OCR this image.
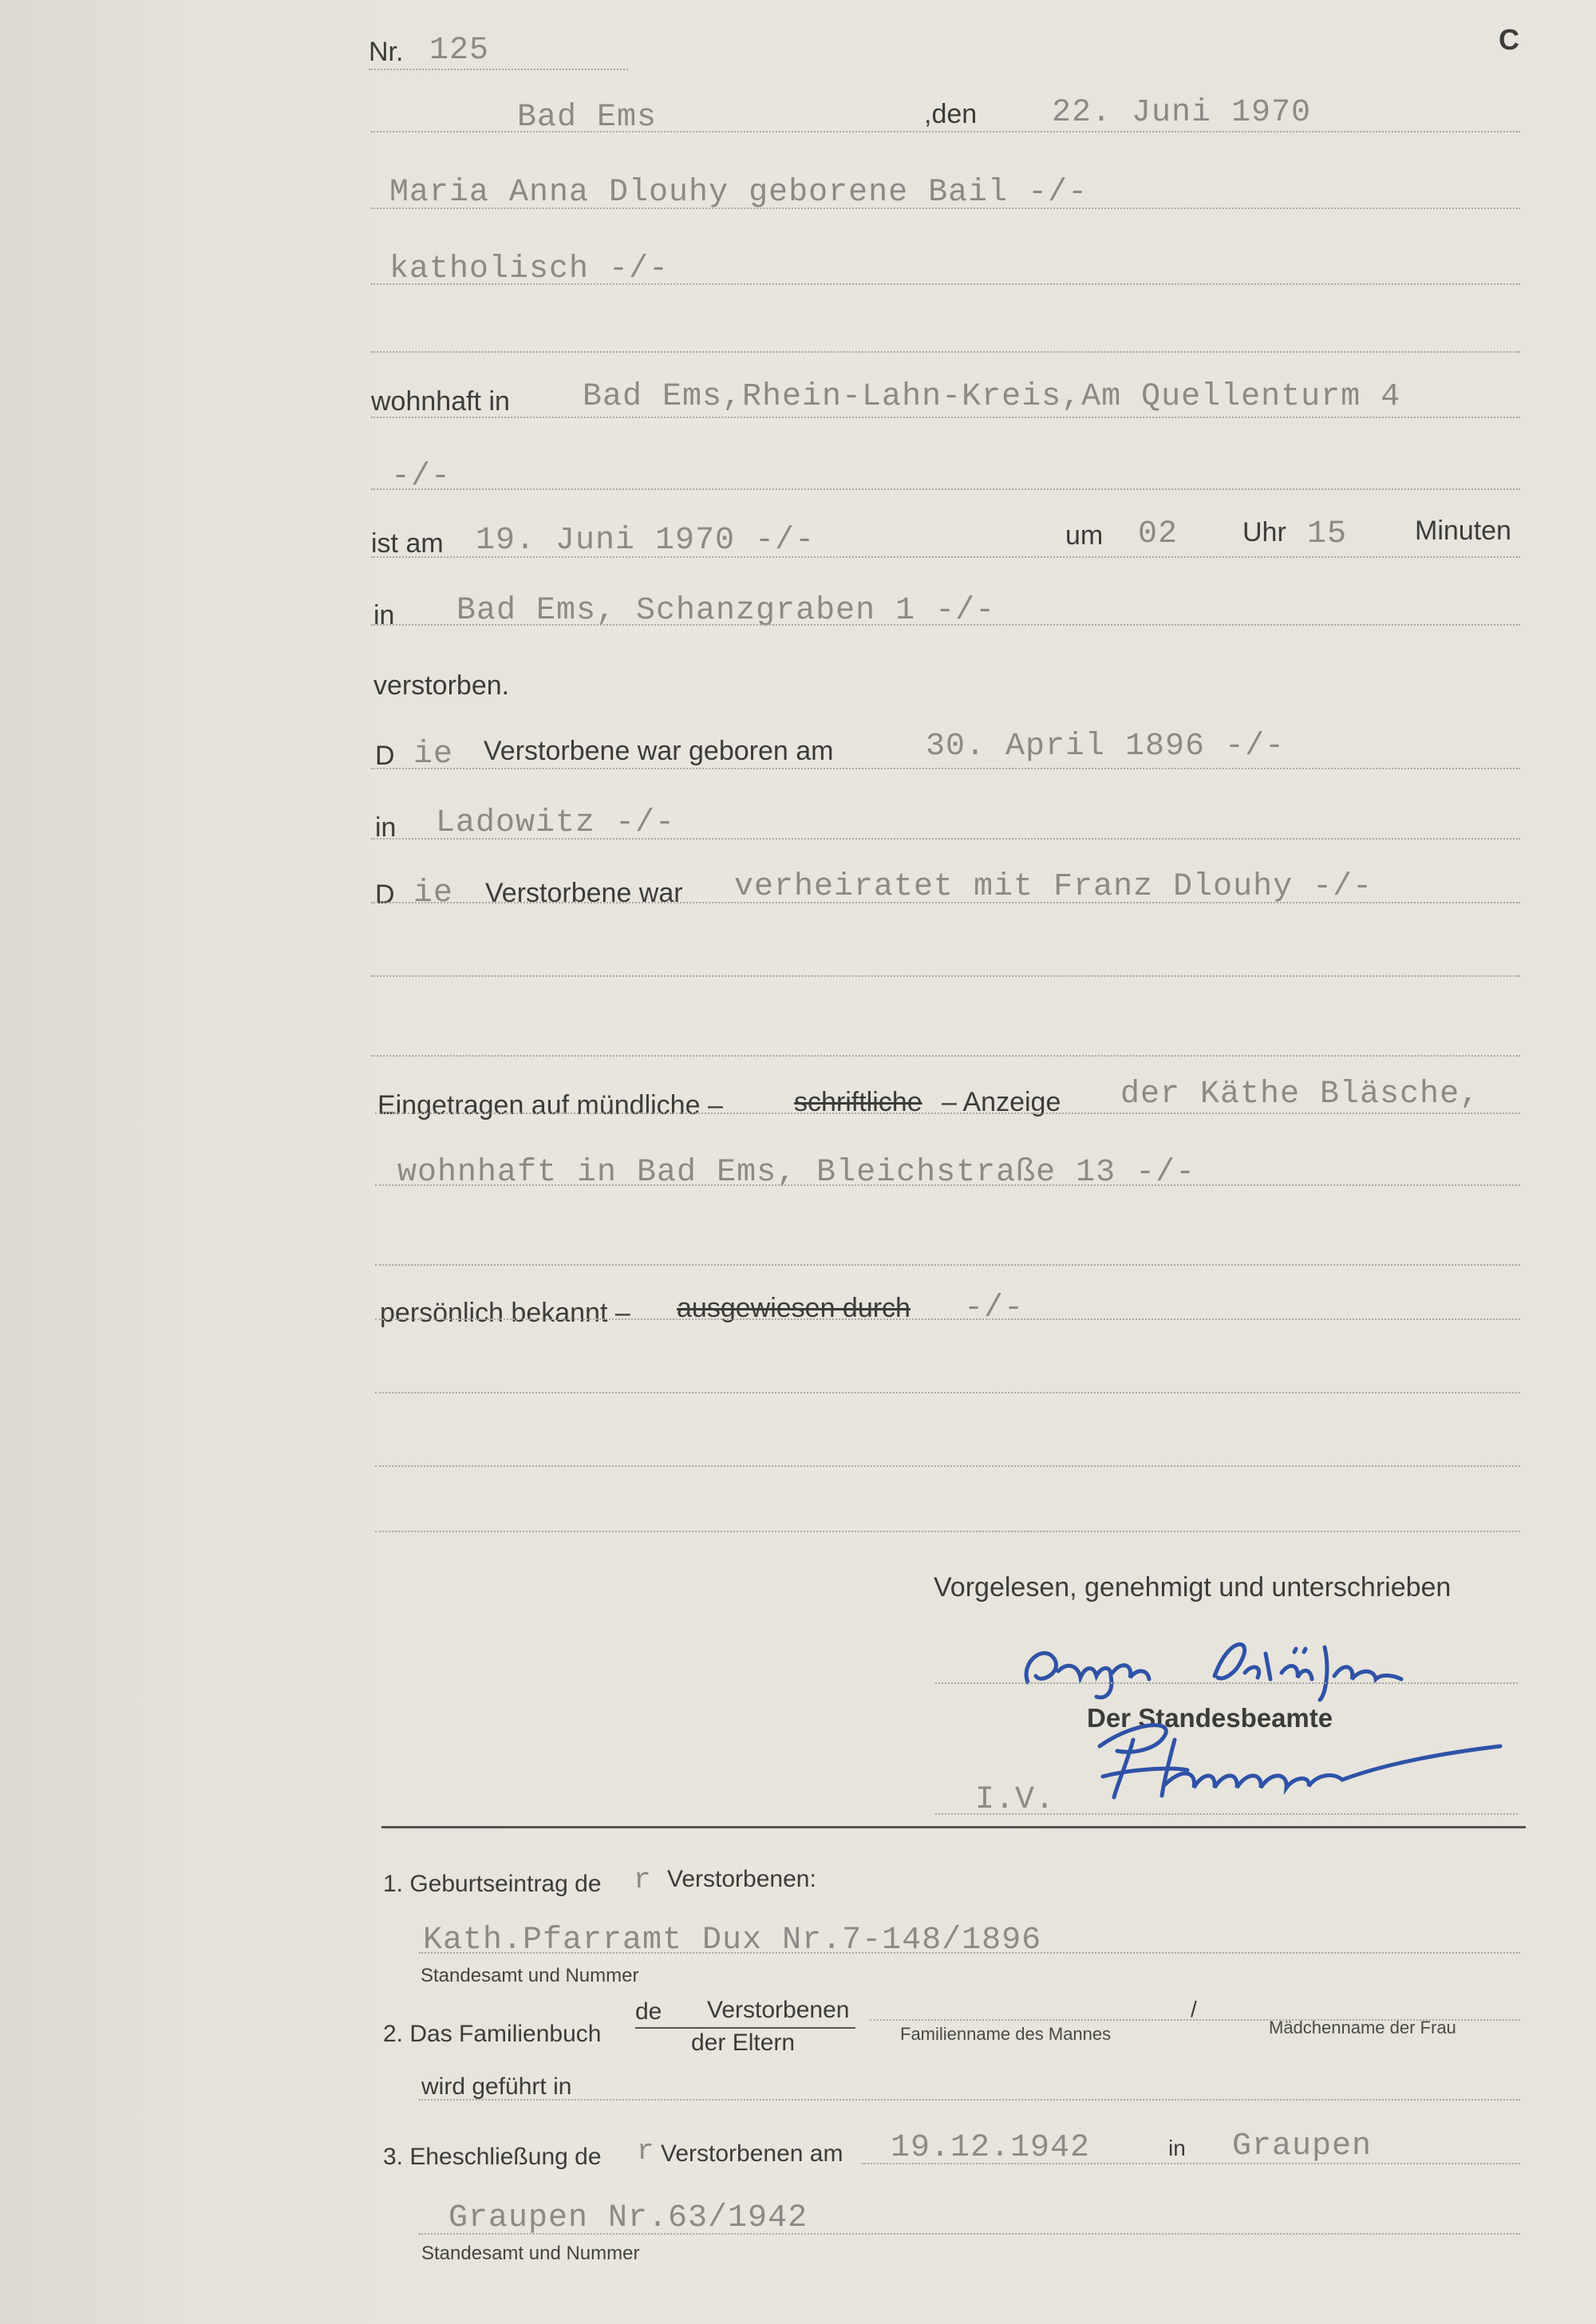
C
Nr. 125
Bad Ems	,den 22. Juni 1970
Maria Anna Dlouhy geborene Bail -/-
katholisch -/-
wohnhaft in Bad Ems,Rhein-Lahn-Kreis,Am Quellenturm 4
-/-
ist am 19. Juni 1970 -/-	um 02 Uhr 15 Minuten
in Bad Ems, Schanzgraben 1 -/-
verstorben.
D ie Verstorbene war geboren am	30. April 1896 -/-
in Ladowitz -/-
D ie Verstorbene war verheiratet mit Franz Dlouhy -/-
Eingetragen auf mündliche –	schriftliche – Anzeige der Käthe Bläsche,
wohnhaft in Bad Ems, Bleichstraße 13 -/-
persönlich bekannt – ausgewiesen durch -/-
Vorgelesen, genehmigt und unterschrieben
Der Standesbeamte
I.V.
1. Geburtseintrag de r Verstorbenen:
Kath.Pfarramt Dux Nr.7-148/1896
Standesamt und Nummer
2. Das Familienbuch
de Verstorbenen
der Eltern	Familienname des Mannes
/
Mädchenname der Frau
wird geführt in
3. Eheschließung de r Verstorbenen am 19.12.1942	in Graupen
Graupen Nr.63/1942
Standesamt und Nummer
